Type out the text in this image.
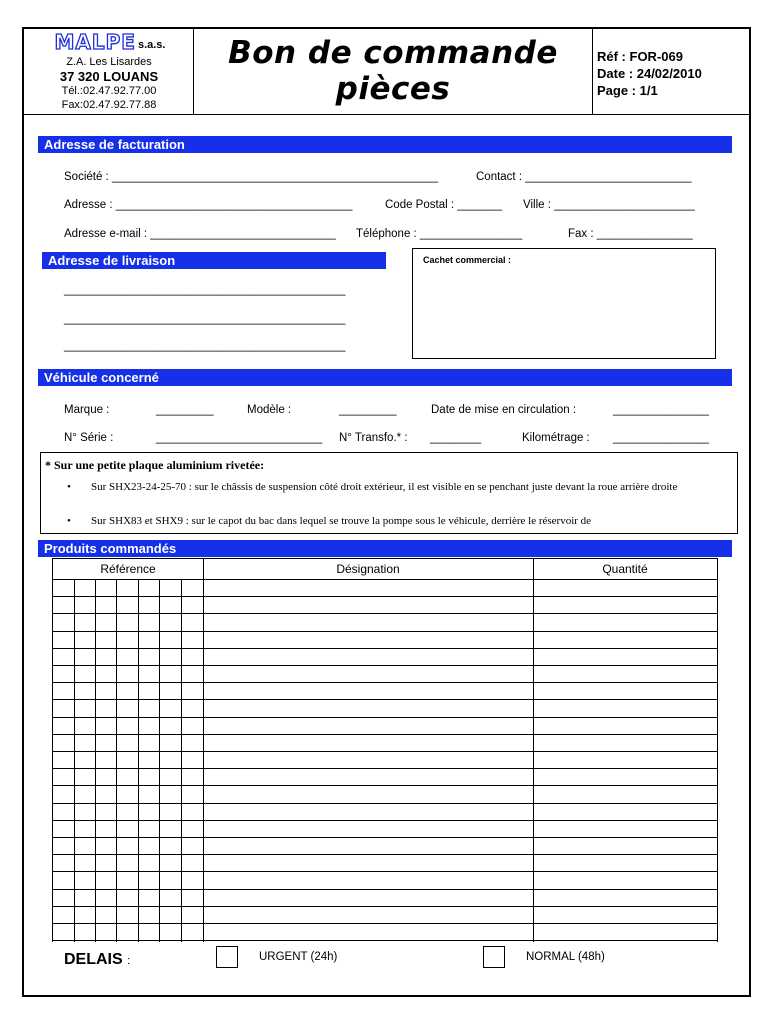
MALPE s.a.s.
Z.A. Les Lisardes
37 320 LOUANS
Tél.:02.47.92.77.00
Fax:02.47.92.77.88
Bon de commande
pièces
Réf : FOR-069
Date : 24/02/2010
Page : 1/1
Adresse de facturation
Société : ___________________________________________________	Contact : __________________________
Adresse : _____________________________________	Code Postal : _______ Ville : ______________________
Adresse e-mail : _____________________________ Téléphone : ________________	Fax : _______________
Adresse de livraison
____________________________________________
____________________________________________
____________________________________________
Cachet commercial :
Véhicule concerné
Marque :	_________	Modèle :	_________	Date de mise en circulation :	_______________
N° Série :	__________________________ N° Transfo.* : ________	Kilométrage : _______________
* Sur une petite plaque aluminium rivetée:
• Sur SHX23-24-25-70 : sur le châssis de suspension côté droit extérieur, il est visible en se penchant juste devant la roue arrière droite
• Sur SHX83 et SHX9 : sur le capot du bac dans lequel se trouve la pompe sous le véhicule, derrière le réservoir de
Produits commandés
Référence	Désignation	Quantité
DELAIS :	URGENT (24h)	NORMAL (48h)
